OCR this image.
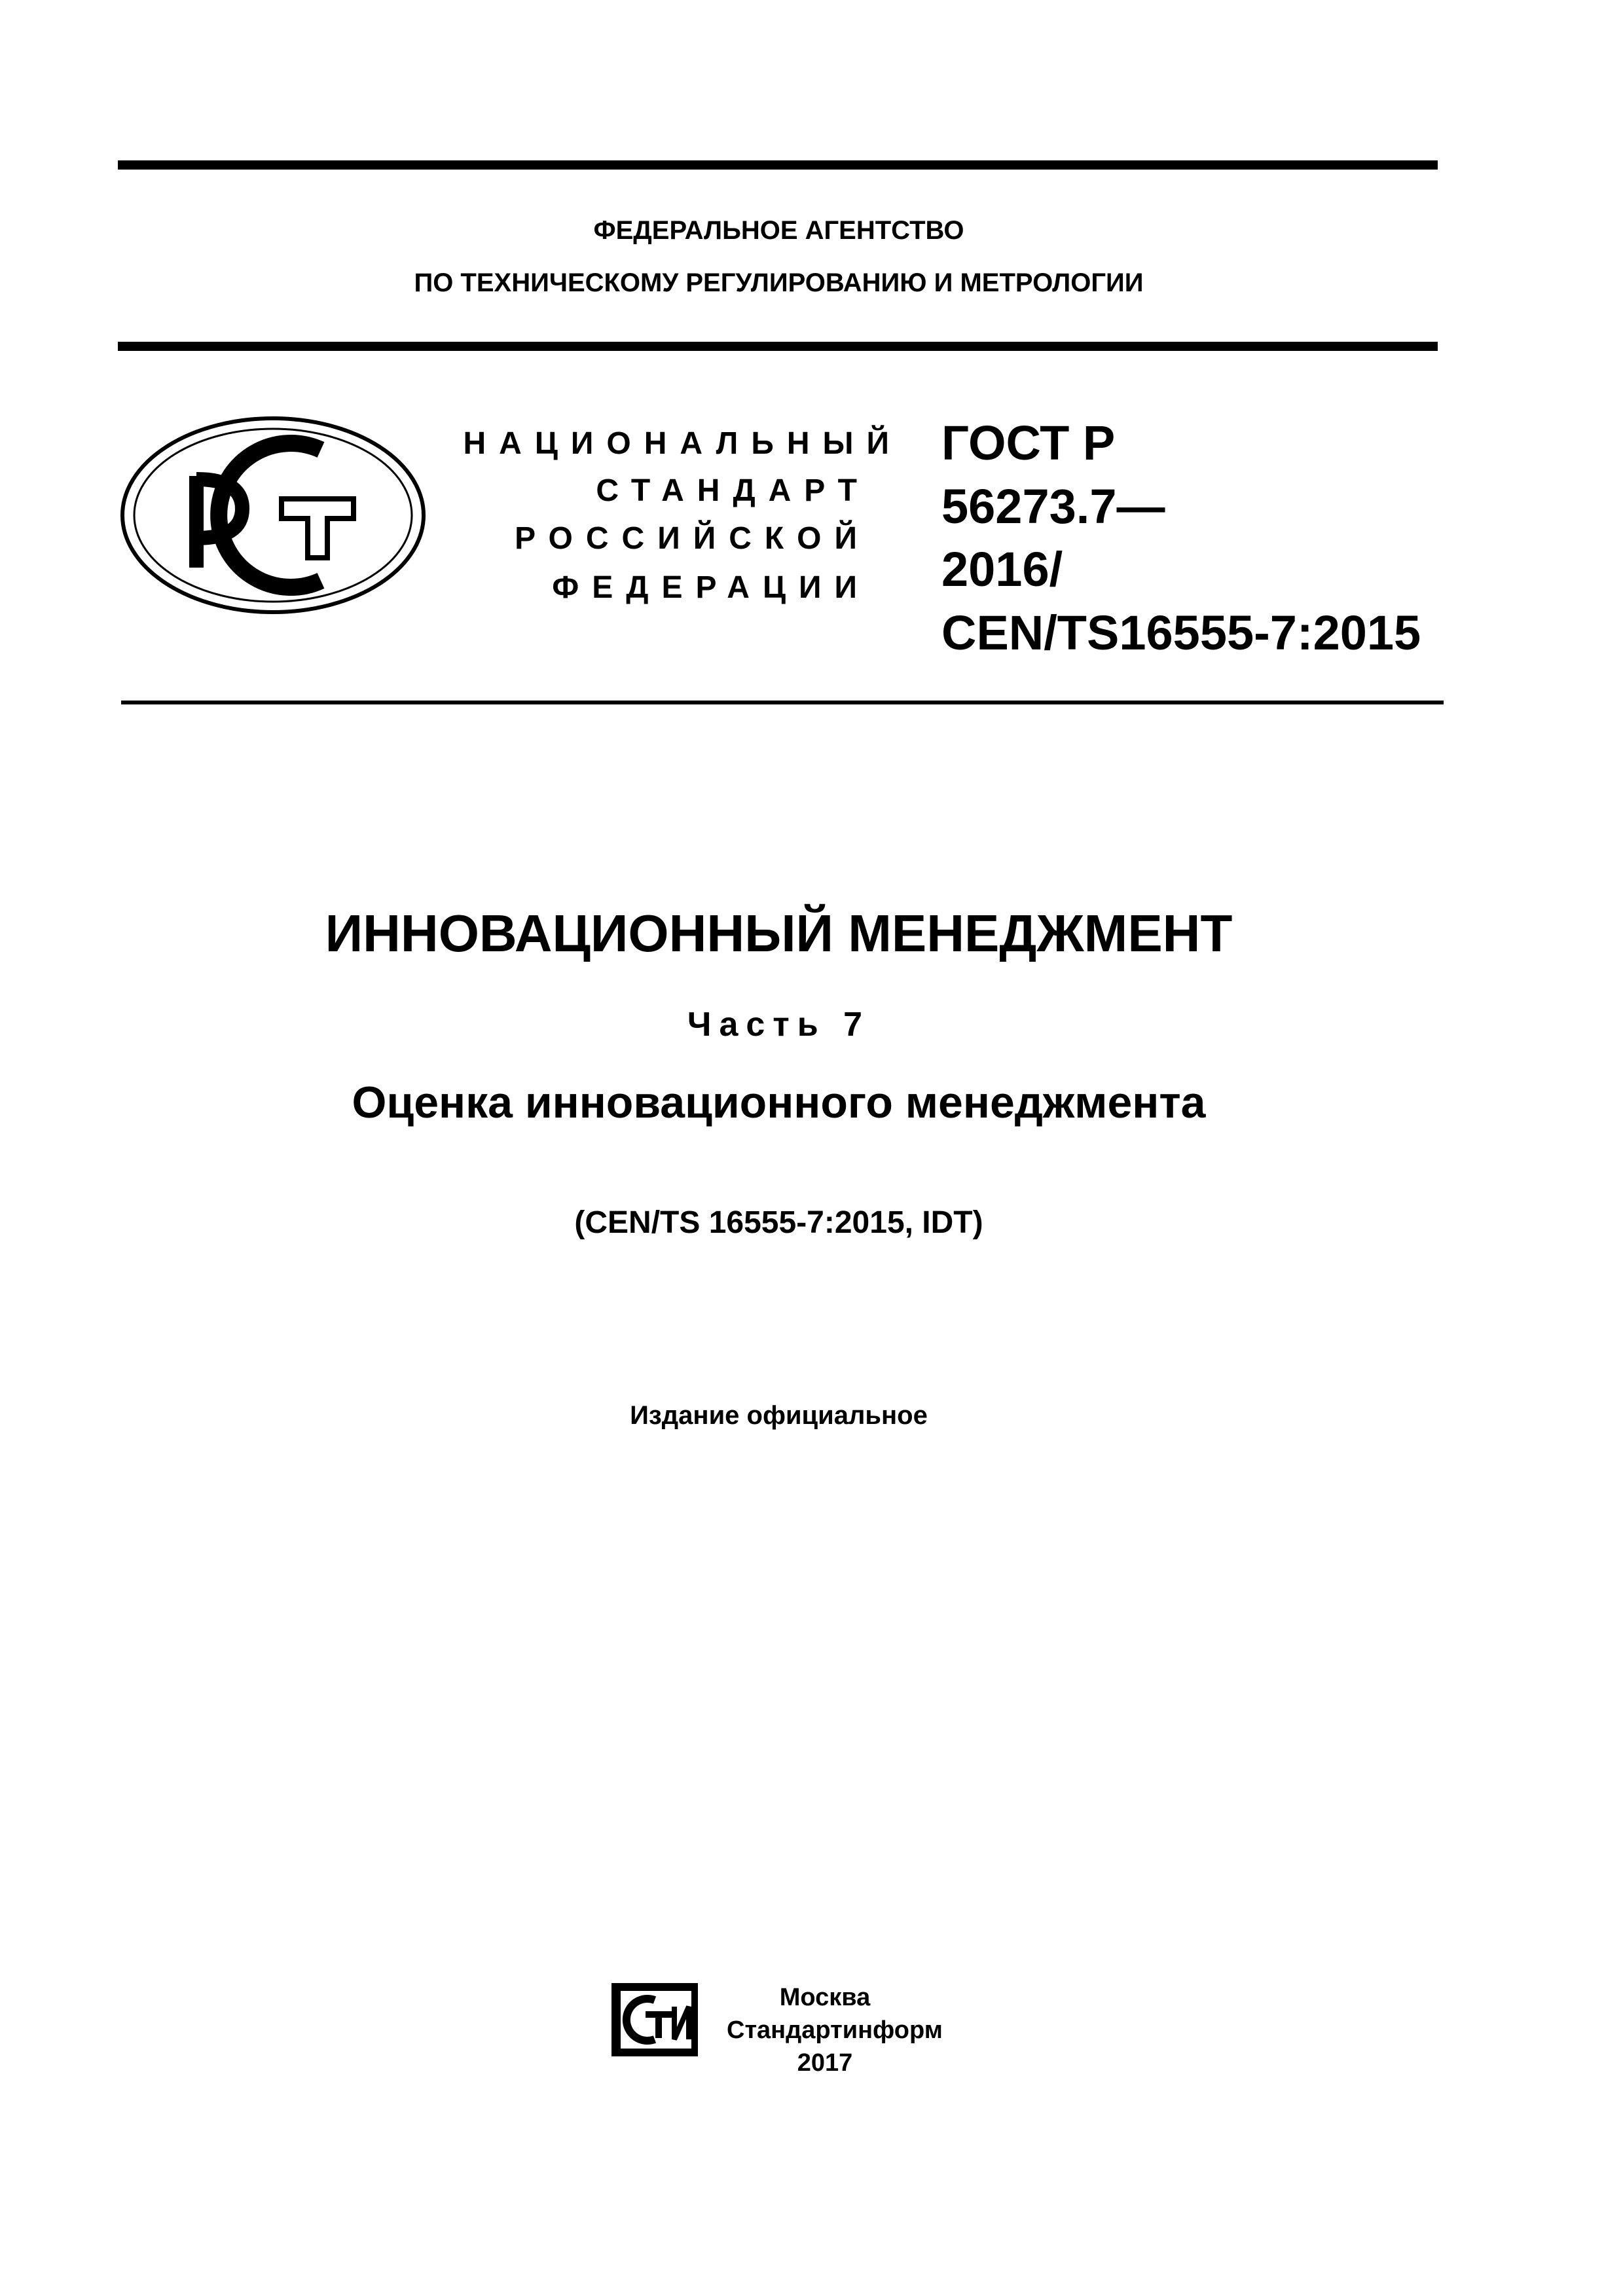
ФЕДЕРАЛЬНОЕ АГЕНТСТВО
ПО ТЕХНИЧЕСКОМУ РЕГУЛИРОВАНИЮ И МЕТРОЛОГИИ
НАЦИОНАЛЬНЫЙ
СТАНДАРТ
РОССИЙСКОЙ
ФЕДЕРАЦИИ
ГОСТ Р
56273.7—
2016/
CEN/TS16555-7:2015
ИННОВАЦИОННЫЙ МЕНЕДЖМЕНТ
Часть 7
Оценка инновационного менеджмента
(CEN/TS 16555-7:2015, IDT)
Издание официальное
Москва
Стандартинформ
2017
